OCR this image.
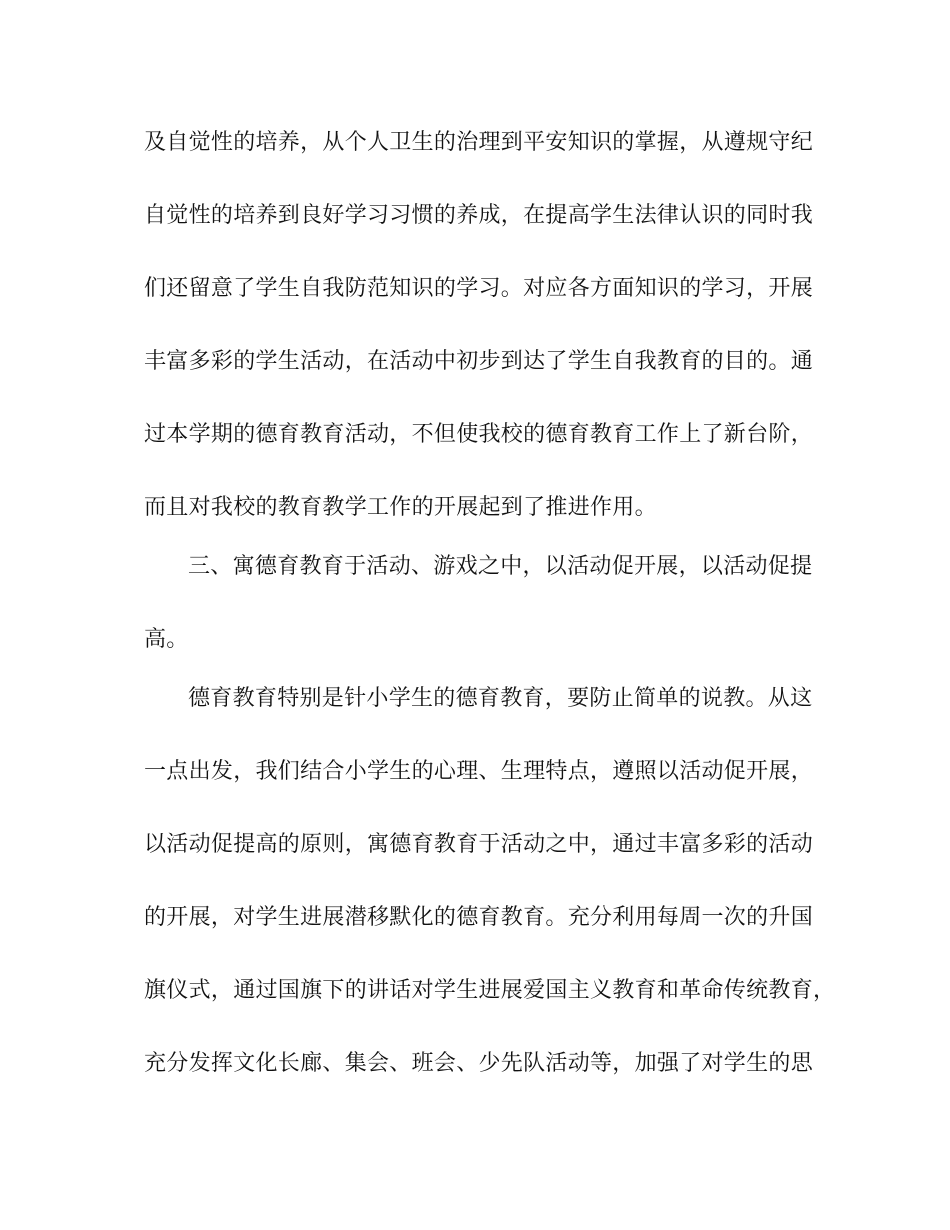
及自觉性的培养，从个人卫生的治理到平安知识的掌握，从遵规守纪
自觉性的培养到良好学习习惯的养成，在提高学生法律认识的同时我
们还留意了学生自我防范知识的学习。对应各方面知识的学习，开展
丰富多彩的学生活动，在活动中初步到达了学生自我教育的目的。通
过本学期的德育教育活动，不但使我校的德育教育工作上了新台阶，
而且对我校的教育教学工作的开展起到了推进作用。
三、寓德育教育于活动、游戏之中，以活动促开展，以活动促提
高。
德育教育特别是针小学生的德育教育，要防止简单的说教。从这
一点出发，我们结合小学生的心理、生理特点，遵照以活动促开展，
以活动促提高的原则，寓德育教育于活动之中，通过丰富多彩的活动
的开展，对学生进展潜移默化的德育教育。充分利用每周一次的升国
旗仪式，通过国旗下的讲话对学生进展爱国主义教育和革命传统教育，
充分发挥文化长廊、集会、班会、少先队活动等，加强了对学生的思
